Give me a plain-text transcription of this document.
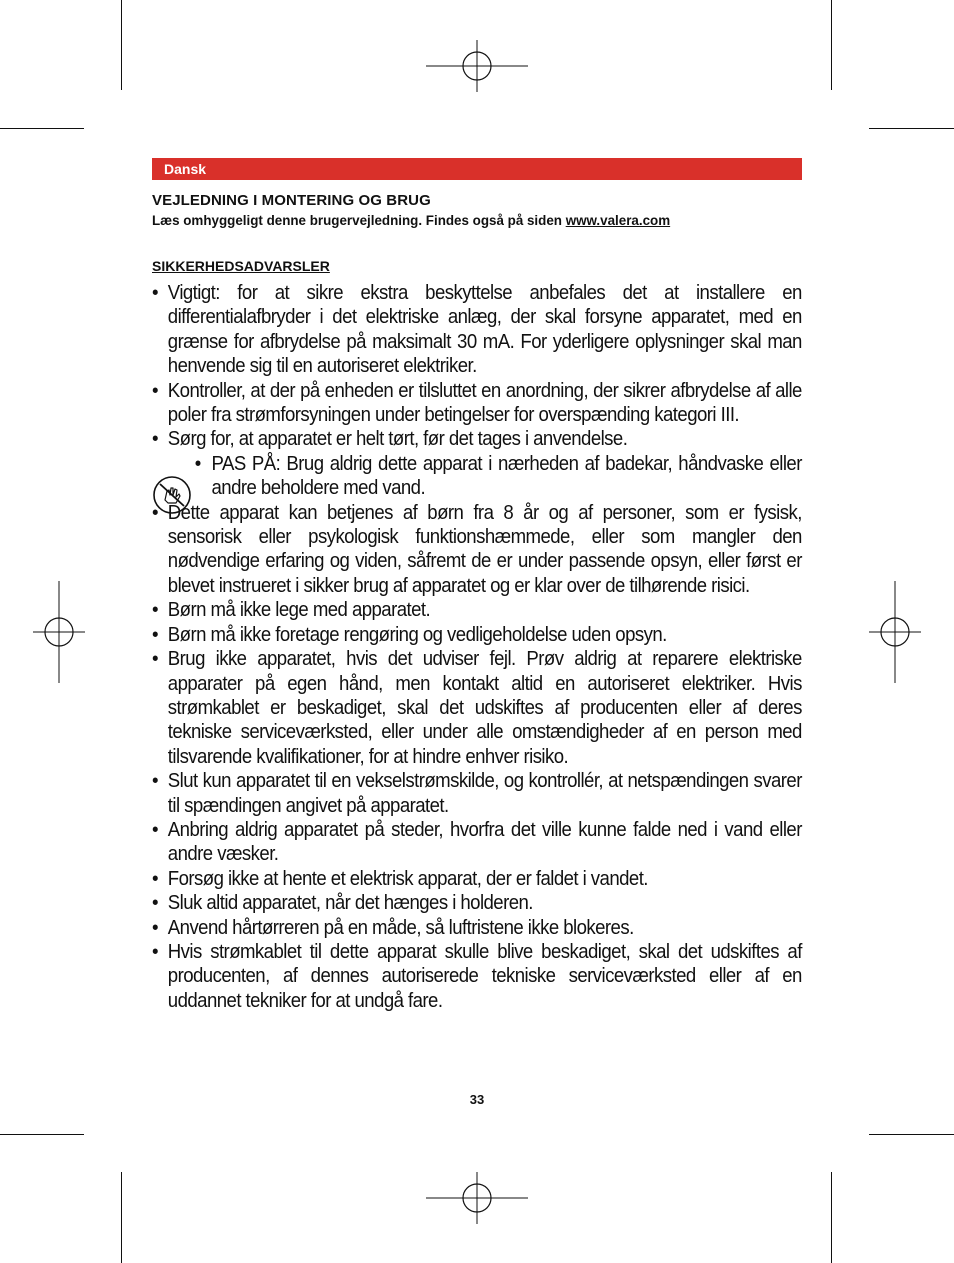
Dansk
VEJLEDNING I MONTERING OG BRUG
Læs omhyggeligt denne brugervejledning. Findes også på siden www.valera.com
SIKKERHEDSADVARSLER
• Vigtigt: for at sikre ekstra beskyttelse anbefales det at installere en differentialafbryder i det elektriske anlæg, der skal forsyne apparatet, med en grænse for afbrydelse på maksimalt 30 mA. For yderligere oplysninger skal man henvende sig til en autoriseret elektriker.
• Kontroller, at der på enheden er tilsluttet en anordning, der sikrer afbrydelse af alle poler fra strømforsyningen under betingelser for overspænding kategori III.
• Sørg for, at apparatet er helt tørt, før det tages i anvendelse.
• PAS PÅ: Brug aldrig dette apparat i nærheden af badekar, håndvaske eller andre beholdere med vand.
• Dette apparat kan betjenes af børn fra 8 år og af personer, som er fysisk, sensorisk eller psykologisk funktionshæmmede, eller som mangler den nødvendige erfaring og viden, såfremt de er under passende opsyn, eller først er blevet instrueret i sikker brug af apparatet og er klar over de tilhørende risici.
• Børn må ikke lege med apparatet.
• Børn må ikke foretage rengøring og vedligeholdelse uden opsyn.
• Brug ikke apparatet, hvis det udviser fejl. Prøv aldrig at reparere elektriske apparater på egen hånd, men kontakt altid en autoriseret elektriker. Hvis strømkablet er beskadiget, skal det udskiftes af producenten eller af deres tekniske serviceværksted, eller under alle omstændigheder af en person med tilsvarende kvalifikationer, for at hindre enhver risiko.
• Slut kun apparatet til en vekselstrømskilde, og kontrollér, at netspændingen svarer til spændingen angivet på apparatet.
• Anbring aldrig apparatet på steder, hvorfra det ville kunne falde ned i vand eller andre væsker.
• Forsøg ikke at hente et elektrisk apparat, der er faldet i vandet.
• Sluk altid apparatet, når det hænges i holderen.
• Anvend hårtørreren på en måde, så luftristene ikke blokeres.
• Hvis strømkablet til dette apparat skulle blive beskadiget, skal det udskiftes af producenten, af dennes autoriserede tekniske serviceværksted eller af en uddannet tekniker for at undgå fare.
33
